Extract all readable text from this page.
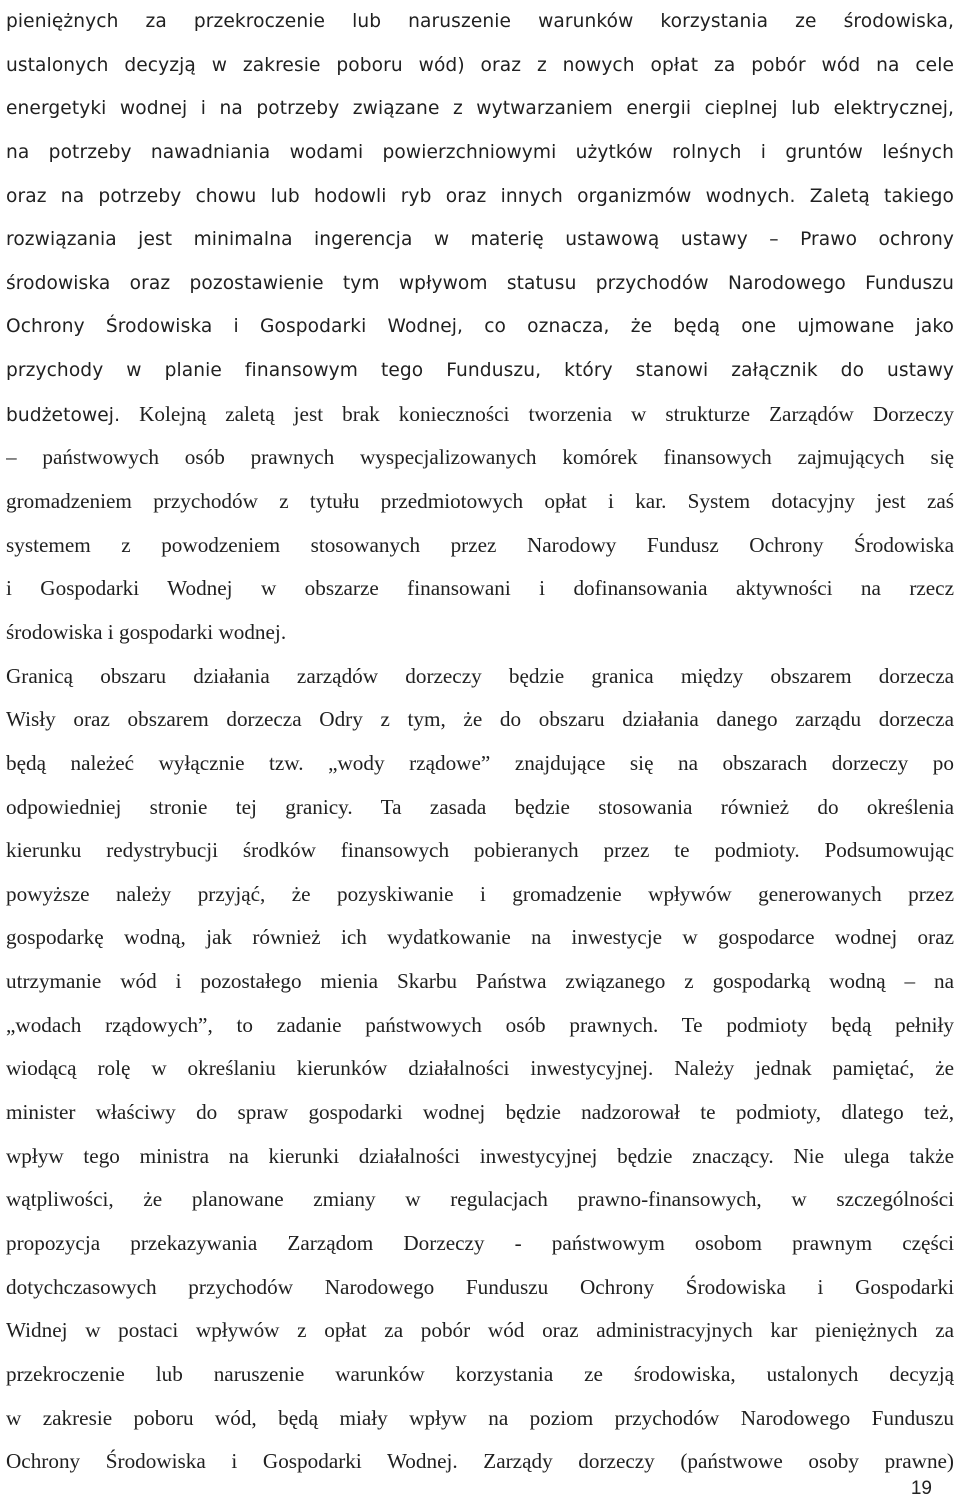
pieniężnych za przekroczenie lub naruszenie warunków korzystania ze środowiska,
ustalonych decyzją w zakresie poboru wód) oraz z nowych opłat za pobór wód na cele
energetyki wodnej i na potrzeby związane z wytwarzaniem energii cieplnej lub elektrycznej,
na potrzeby nawadniania wodami powierzchniowymi użytków rolnych i gruntów leśnych
oraz na potrzeby chowu lub hodowli ryb oraz innych organizmów wodnych. Zaletą takiego
rozwiązania jest minimalna ingerencja w materię ustawową ustawy – Prawo ochrony
środowiska oraz pozostawienie tym wpływom statusu przychodów Narodowego Funduszu
Ochrony Środowiska i Gospodarki Wodnej, co oznacza, że będą one ujmowane jako
przychody w planie finansowym tego Funduszu, który stanowi załącznik do ustawy
budżetowej. Kolejną zaletą jest brak konieczności tworzenia w strukturze Zarządów Dorzeczy
– państwowych osób prawnych wyspecjalizowanych komórek finansowych zajmujących się
gromadzeniem przychodów z tytułu przedmiotowych opłat i kar. System dotacyjny jest zaś
systemem z powodzeniem stosowanych przez Narodowy Fundusz Ochrony Środowiska
i Gospodarki Wodnej w obszarze finansowani i dofinansowania aktywności na rzecz
środowiska i gospodarki wodnej.
Granicą obszaru działania zarządów dorzeczy będzie granica między obszarem dorzecza
Wisły oraz obszarem dorzecza Odry z tym, że do obszaru działania danego zarządu dorzecza
będą należeć wyłącznie tzw. „wody rządowe” znajdujące się na obszarach dorzeczy po
odpowiedniej stronie tej granicy. Ta zasada będzie stosowania również do określenia
kierunku redystrybucji środków finansowych pobieranych przez te podmioty. Podsumowując
powyższe należy przyjąć, że pozyskiwanie i gromadzenie wpływów generowanych przez
gospodarkę wodną, jak również ich wydatkowanie na inwestycje w gospodarce wodnej oraz
utrzymanie wód i pozostałego mienia Skarbu Państwa związanego z gospodarką wodną – na
„wodach rządowych”, to zadanie państwowych osób prawnych. Te podmioty będą pełniły
wiodącą rolę w określaniu kierunków działalności inwestycyjnej. Należy jednak pamiętać, że
minister właściwy do spraw gospodarki wodnej będzie nadzorował te podmioty, dlatego też,
wpływ tego ministra na kierunki działalności inwestycyjnej będzie znaczący. Nie ulega także
wątpliwości, że planowane zmiany w regulacjach prawno-finansowych, w szczególności
propozycja przekazywania Zarządom Dorzeczy - państwowym osobom prawnym części
dotychczasowych przychodów Narodowego Funduszu Ochrony Środowiska i Gospodarki
Widnej w postaci wpływów z opłat za pobór wód oraz administracyjnych kar pieniężnych za
przekroczenie lub naruszenie warunków korzystania ze środowiska, ustalonych decyzją
w zakresie poboru wód, będą miały wpływ na poziom przychodów Narodowego Funduszu
Ochrony Środowiska i Gospodarki Wodnej. Zarządy dorzeczy (państwowe osoby prawne)
19
